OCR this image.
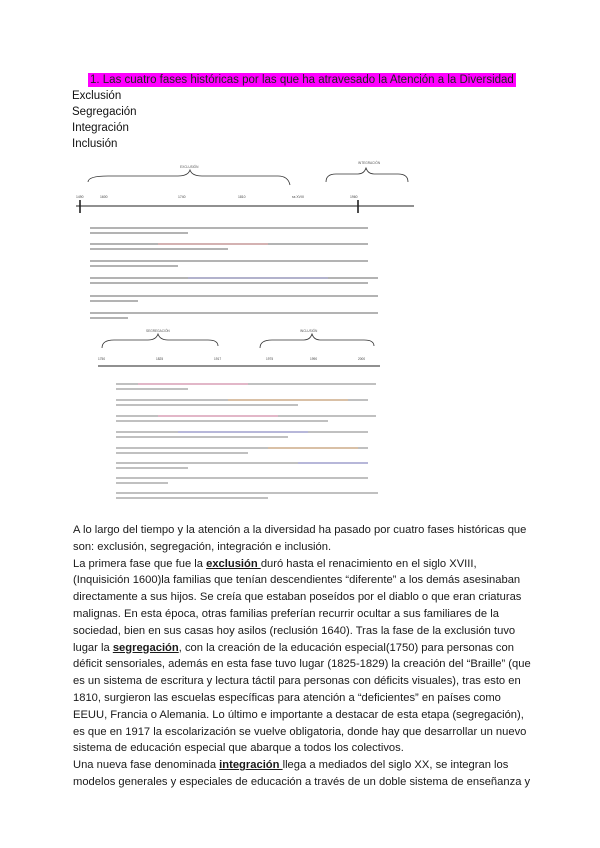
1. Las cuatro fases históricas por las que ha atravesado la Atención a la Diversidad
Exclusión
Segregación
Integración
Inclusión
EXCLUSIÓN
INTEGRACIÓN
1490	1600	1740	1810	ss XVIII	1960
SEGREGACIÓN	INCLUSIÓN
1750	1825	1917	1975	1990	2000

A lo largo del tiempo y la atención a la diversidad ha pasado por cuatro fases históricas que son: exclusión, segregación, integración e inclusión.

La primera fase que fue la exclusión duró hasta el renacimiento en el siglo XVIII,(Inquisición 1600)la familias que tenían descendientes “diferente” a los demás asesinaban directamente a sus hijos. Se creía que estaban poseídos por el diablo o que eran criaturas malignas. En esta época, otras familias preferían recurrir ocultar a sus familiares de la sociedad, bien en sus casas hoy asilos (reclusión 1640). Tras la fase de la exclusión tuvo lugar la segregación, con la creación de la educación especial(1750) para personas con déficit sensoriales, además en esta fase tuvo lugar (1825-1829) la creación del “Braille” (que es un sistema de escritura y lectura táctil para personas con déficits visuales), tras esto en 1810, surgieron las escuelas específicas para atención a “deficientes” en países como EEUU, Francia o Alemania. Lo último e importante a destacar de esta etapa (segregación), es que en 1917 la escolarización se vuelve obligatoria, donde hay que desarrollar un nuevo sistema de educación especial que abarque a todos los colectivos.

Una nueva fase denominada integración llega a mediados del siglo XX, se integran los modelos generales y especiales de educación a través de un doble sistema de enseñanza y
